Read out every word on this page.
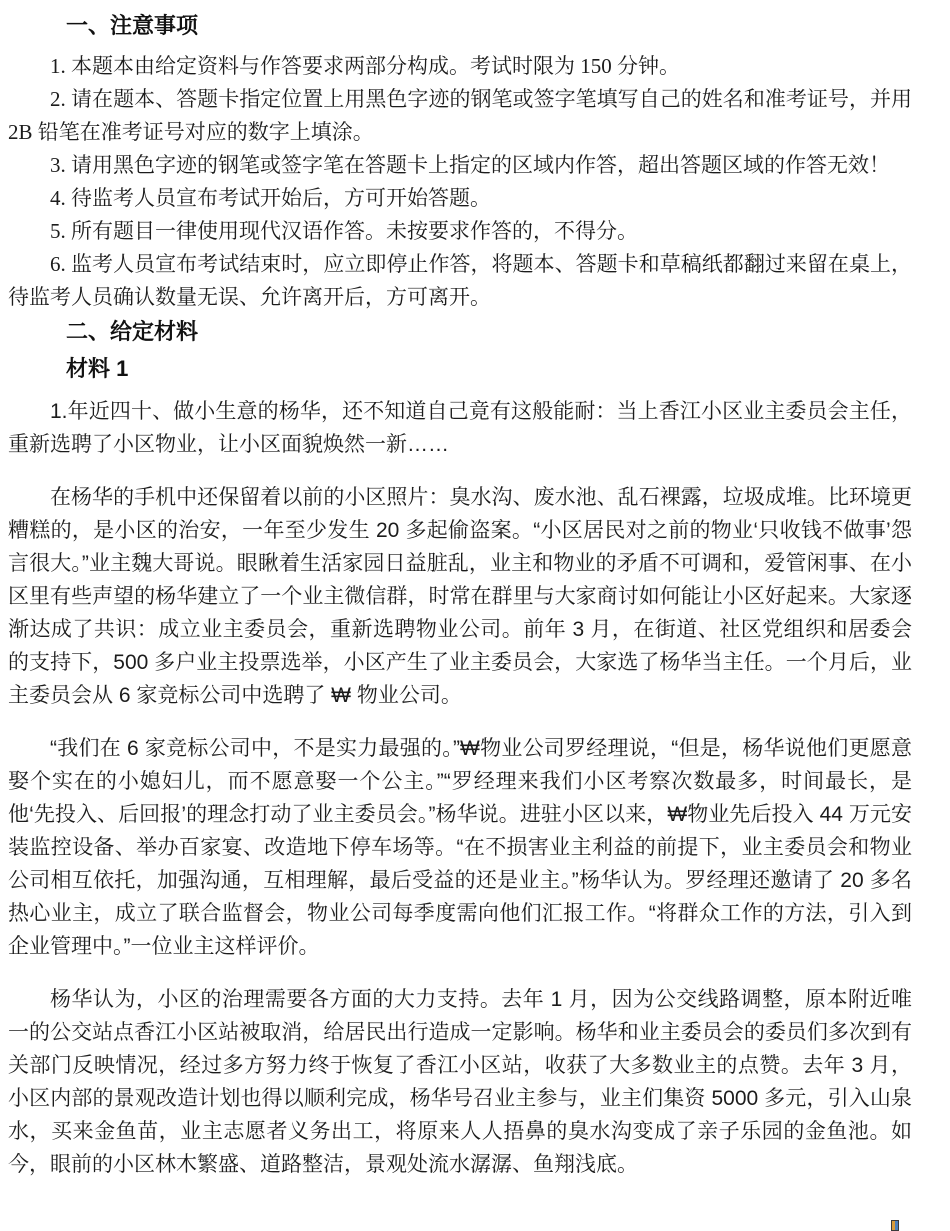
一、注意事项

1. 本题本由给定资料与作答要求两部分构成。考试时限为 150 分钟。

2. 请在题本、答题卡指定位置上用黑色字迹的钢笔或签字笔填写自己的姓名和准考证号，并用 2B 铅笔在准考证号对应的数字上填涂。

3. 请用黑色字迹的钢笔或签字笔在答题卡上指定的区域内作答，超出答题区域的作答无效！

4. 待监考人员宣布考试开始后，方可开始答题。

5. 所有题目一律使用现代汉语作答。未按要求作答的，不得分。

6. 监考人员宣布考试结束时，应立即停止作答，将题本、答题卡和草稿纸都翻过来留在桌上，待监考人员确认数量无误、允许离开后，方可离开。

二、给定材料
材料 1

1.年近四十、做小生意的杨华，还不知道自己竟有这般能耐：当上香江小区业主委员会主任，重新选聘了小区物业，让小区面貌焕然一新……

在杨华的手机中还保留着以前的小区照片：臭水沟、废水池、乱石裸露，垃圾成堆。比环境更糟糕的，是小区的治安，一年至少发生 20 多起偷盗案。“小区居民对之前的物业‘只收钱不做事’怨言很大。”业主魏大哥说。眼瞅着生活家园日益脏乱，业主和物业的矛盾不可调和，爱管闲事、在小区里有些声望的杨华建立了一个业主微信群，时常在群里与大家商讨如何能让小区好起来。大家逐渐达成了共识：成立业主委员会，重新选聘物业公司。前年 3 月，在街道、社区党组织和居委会的支持下，500 多户业主投票选举，小区产生了业主委员会，大家选了杨华当主任。一个月后，业主委员会从 6 家竞标公司中选聘了 ₩ 物业公司。

“我们在 6 家竞标公司中，不是实力最强的。”₩物业公司罗经理说，“但是，杨华说他们更愿意娶个实在的小媳妇儿，而不愿意娶一个公主。”“罗经理来我们小区考察次数最多，时间最长，是他‘先投入、后回报’的理念打动了业主委员会。”杨华说。进驻小区以来，₩物业先后投入 44 万元安装监控设备、举办百家宴、改造地下停车场等。“在不损害业主利益的前提下，业主委员会和物业公司相互依托，加强沟通，互相理解，最后受益的还是业主。”杨华认为。罗经理还邀请了 20 多名热心业主，成立了联合监督会，物业公司每季度需向他们汇报工作。“将群众工作的方法，引入到企业管理中。”一位业主这样评价。

杨华认为，小区的治理需要各方面的大力支持。去年 1 月，因为公交线路调整，原本附近唯一的公交站点香江小区站被取消，给居民出行造成一定影响。杨华和业主委员会的委员们多次到有关部门反映情况，经过多方努力终于恢复了香江小区站，收获了大多数业主的点赞。去年 3 月，小区内部的景观改造计划也得以顺利完成，杨华号召业主参与，业主们集资 5000 多元，引入山泉水，买来金鱼苗，业主志愿者义务出工，将原来人人捂鼻的臭水沟变成了亲子乐园的金鱼池。如今，眼前的小区林木繁盛、道路整洁，景观处流水潺潺、鱼翔浅底。
